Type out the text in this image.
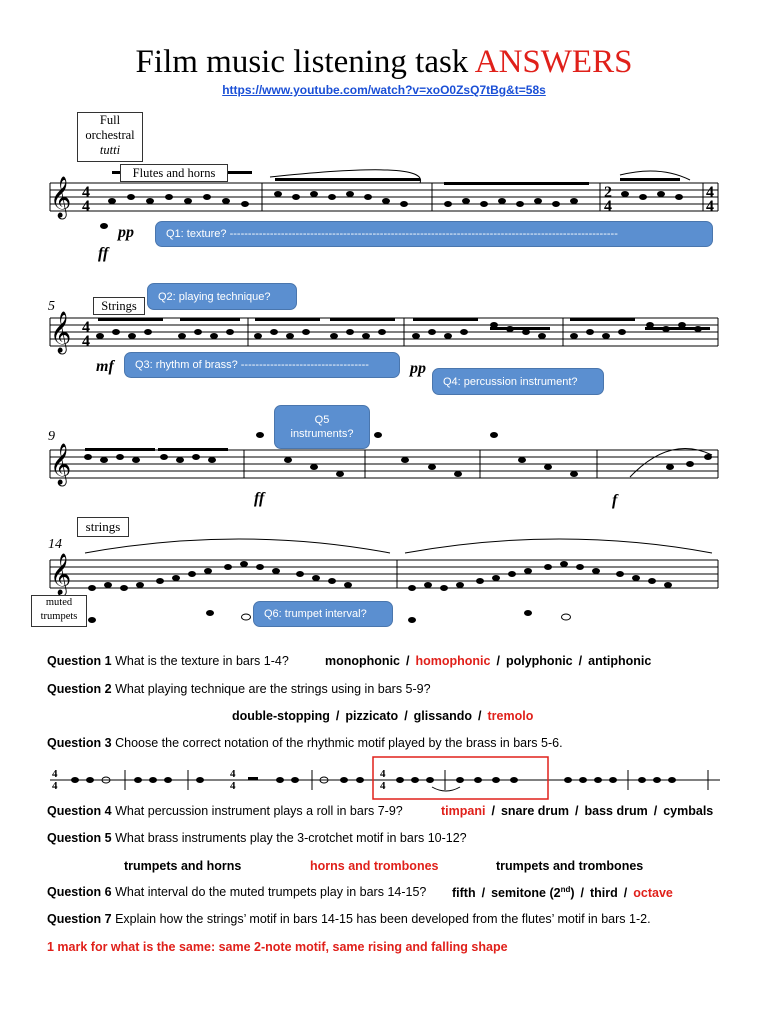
Film music listening task ANSWERS
https://www.youtube.com/watch?v=xoO0ZsQ7tBg&t=58s
𝄞 4
4
2
4
4
4
𝄞 4
4
𝄞
𝄞
pp
ff
mf	pp
ff	f
5
9
14
Full
orchestral
tutti
Flutes and horns
Strings
strings
muted
trumpets
Q1: texture? ----------------------------------------------------------------------------------------------------------
Q2: playing technique?
Q3: rhythm of brass? -----------------------------------
Q4: percussion instrument?
Q5 instruments?
Q6: trumpet interval?
Question 1 What is the texture in bars 1-4?	monophonic / homophonic / polyphonic / antiphonic
Question 2 What playing technique are the strings using in bars 5-9?
double-stopping / pizzicato / glissando / tremolo
Question 3 Choose the correct notation of the rhythmic motif played by the brass in bars 5-6.
4
4
4
4
4
4
Question 4 What percussion instrument plays a roll in bars 7-9?	timpani / snare drum / bass drum / cymbals
Question 5 What brass instruments play the 3-crotchet motif in bars 10-12?
trumpets and horns	horns and trombones	trumpets and trombones
Question 6 What interval do the muted trumpets play in bars 14-15? fifth / semitone (2nd) / third / octave
Question 7 Explain how the strings’ motif in bars 14-15 has been developed from the flutes’ motif in bars 1-2.
1 mark for what is the same: same 2-note motif, same rising and falling shape
